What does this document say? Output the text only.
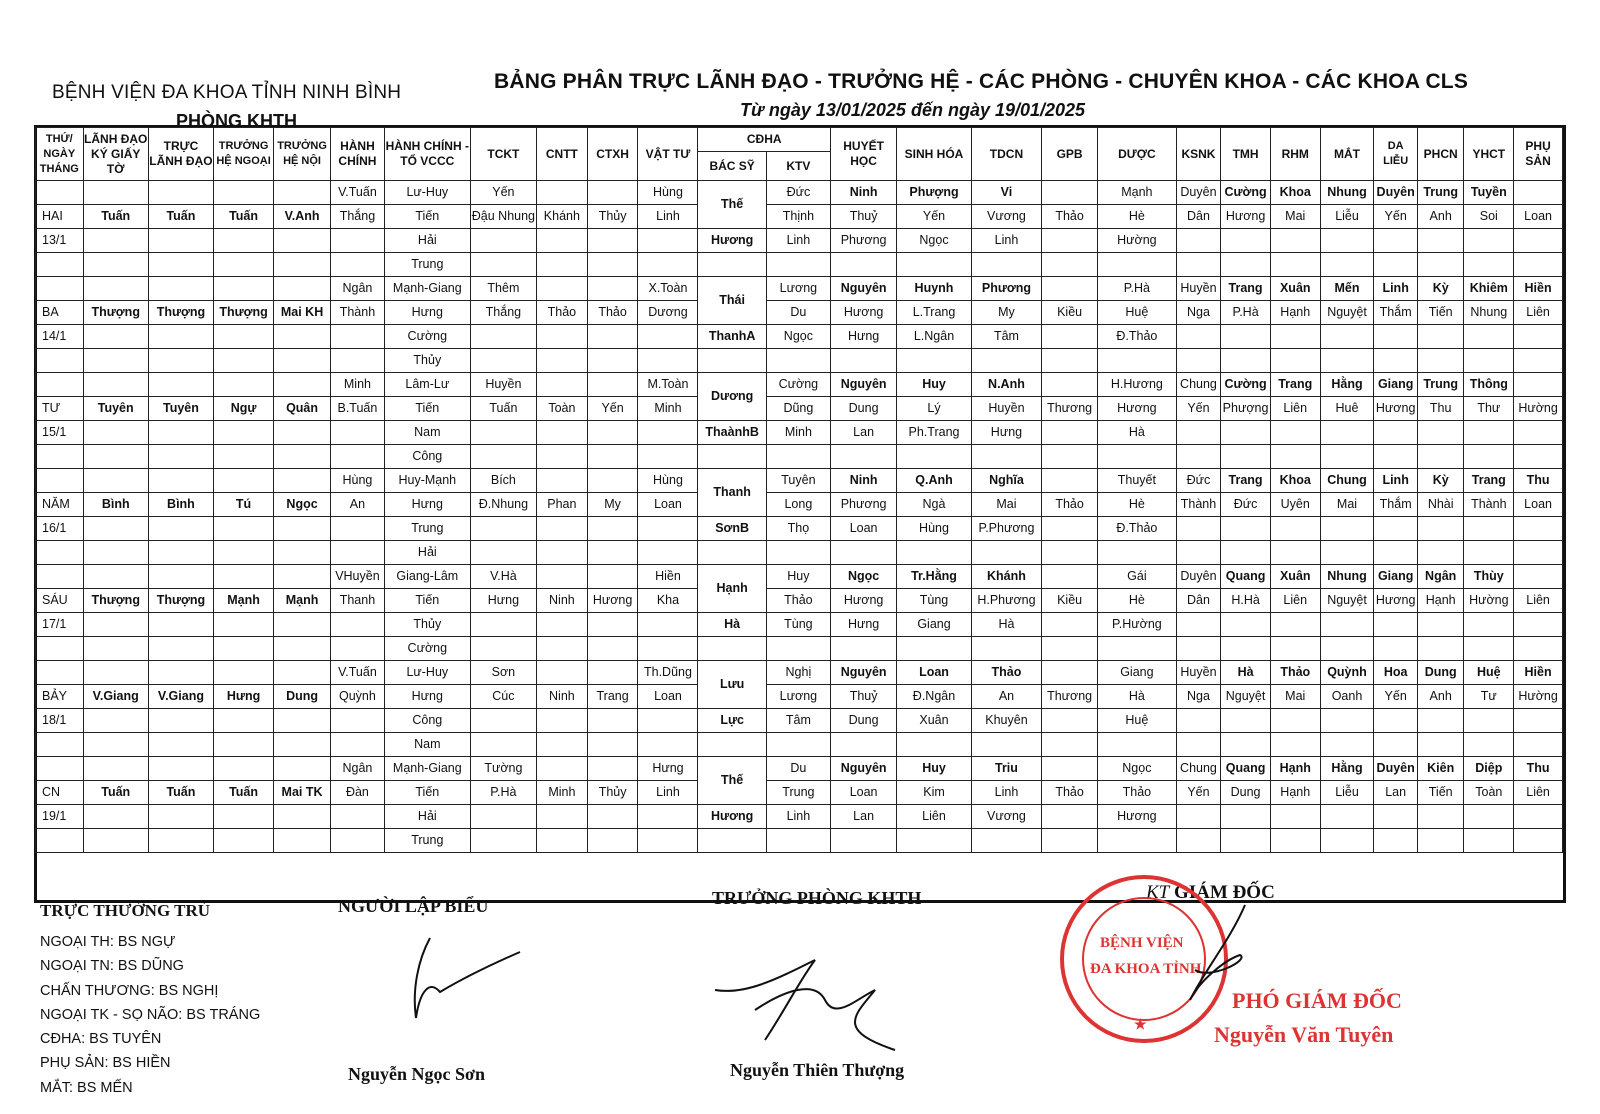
BỆNH VIỆN ĐA KHOA TỈNH NINH BÌNH
PHÒNG KHTH
BẢNG PHÂN TRỰC LÃNH ĐẠO - TRƯỞNG HỆ - CÁC PHÒNG - CHUYÊN KHOA - CÁC KHOA CLS
Từ ngày 13/01/2025 đến ngày 19/01/2025
THỨ/ NGÀY THÁNG	LÃNH ĐẠO KÝ GIẤY TỜ	TRỰC LÃNH ĐẠO	TRƯỞNG HỆ NGOẠI	TRƯỞNG HỆ NỘI	HÀNH CHÍNH	HÀNH CHÍNH - TỔ VCCC	TCKT	CNTT	CTXH	VẬT TƯ	CĐHA		HUYẾT HỌC	SINH HÓA	TDCN	GPB	DƯỢC	KSNK	TMH	RHM	MẮT	DA LIỄU	PHCN	YHCT	PHỤ SẢN
											BÁC SỸ	KTV													
					V.Tuấn	Lư-Huy	Yến			Hùng	Thế	Đức	Ninh	Phượng	Vi		Mạnh	Duyên	Cường	Khoa	Nhung	Duyên	Trung	Tuyền	
HAI	Tuấn	Tuấn	Tuấn	V.Anh	Thắng	Tiến	Đậu Nhung	Khánh	Thủy	Linh		Thịnh	Thuỷ	Yến	Vương	Thảo	Hè	Dân	Hương	Mai	Liễu	Yến	Anh	Soi	Loan
13/1						Hải					Hương	Linh	Phương	Ngọc	Linh		Hường								
						Trung																			
					Ngân	Mạnh-Giang	Thêm			X.Toàn	Thái	Lương	Nguyên	Huynh	Phương		P.Hà	Huyền	Trang	Xuân	Mến	Linh	Kỳ	Khiêm	Hiền
BA	Thượng	Thượng	Thượng	Mai KH	Thành	Hưng	Thắng	Thảo	Thảo	Dương		Du	Hương	L.Trang	My	Kiều	Huệ	Nga	P.Hà	Hạnh	Nguyệt	Thắm	Tiến	Nhung	Liên
14/1						Cường					ThanhA	Ngọc	Hưng	L.Ngân	Tâm		Đ.Thảo								
						Thủy																			
					Minh	Lâm-Lư	Huyền			M.Toàn	Dương	Cường	Nguyên	Huy	N.Anh		H.Hương	Chung	Cường	Trang	Hằng	Giang	Trung	Thông	
TƯ	Tuyên	Tuyên	Ngự	Quân	B.Tuấn	Tiến	Tuấn	Toàn	Yến	Minh		Dũng	Dung	Lý	Huyền	Thương	Hương	Yến	Phượng	Liên	Huê	Hương	Thu	Thư	Hường
15/1						Nam					ThaànhB	Minh	Lan	Ph.Trang	Hưng		Hà								
						Công																			
					Hùng	Huy-Mạnh	Bích			Hùng	Thanh	Tuyên	Ninh	Q.Anh	Nghĩa		Thuyết	Đức	Trang	Khoa	Chung	Linh	Kỳ	Trang	Thu
NĂM	Bình	Bình	Tú	Ngọc	An	Hưng	Đ.Nhung	Phan	My	Loan		Long	Phương	Ngà	Mai	Thảo	Hè	Thành	Đức	Uyên	Mai	Thắm	Nhài	Thành	Loan
16/1						Trung					SơnB	Thọ	Loan	Hùng	P.Phương		Đ.Thảo								
						Hải																			
					VHuyền	Giang-Lâm	V.Hà			Hiền	Hạnh	Huy	Ngọc	Tr.Hằng	Khánh		Gái	Duyên	Quang	Xuân	Nhung	Giang	Ngân	Thùy	
SÁU	Thượng	Thượng	Mạnh	Mạnh	Thanh	Tiến	Hưng	Ninh	Hương	Kha		Thảo	Hương	Tùng	H.Phương	Kiều	Hè	Dân	H.Hà	Liên	Nguyệt	Hương	Hạnh	Hường	Liên
17/1						Thủy					Hà	Tùng	Hưng	Giang	Hà		P.Hường								
						Cường																			
					V.Tuấn	Lư-Huy	Sơn			Th.Dũng	Lưu	Nghị	Nguyên	Loan	Thảo		Giang	Huyền	Hà	Thảo	Quỳnh	Hoa	Dung	Huệ	Hiền
BẢY	V.Giang	V.Giang	Hưng	Dung	Quỳnh	Hưng	Cúc	Ninh	Trang	Loan		Lương	Thuỷ	Đ.Ngân	An	Thương	Hà	Nga	Nguyệt	Mai	Oanh	Yến	Anh	Tư	Hường
18/1						Công					Lực	Tâm	Dung	Xuân	Khuyên		Huệ								
						Nam																			
					Ngân	Mạnh-Giang	Tường			Hưng	Thế	Du	Nguyên	Huy	Triu		Ngọc	Chung	Quang	Hạnh	Hằng	Duyên	Kiên	Diệp	Thu
CN	Tuấn	Tuấn	Tuấn	Mai TK	Đàn	Tiến	P.Hà	Minh	Thủy	Linh		Trung	Loan	Kim	Linh	Thảo	Thảo	Yến	Dung	Hạnh	Liễu	Lan	Tiến	Toàn	Liên
19/1						Hải					Hương	Linh	Lan	Liên	Vương		Hương								
						Trung																			
TRỰC THƯỜNG TRÚ
NGOẠI TH: BS NGỰ
NGOẠI TN: BS DŨNG
CHẤN THƯƠNG: BS NGHỊ
NGOẠI TK - SỌ NÃO: BS TRÁNG
CĐHA: BS TUYÊN
PHỤ SẢN: BS HIỀN
MẮT: BS MẾN
NGƯỜI LẬP BIỂU
Nguyễn Ngọc Sơn
TRƯỞNG PHÒNG KHTH
Nguyễn Thiên Thượng
KT GIÁM ĐỐC
BỆNH VIỆN
ĐA KHOA TỈNH
★
PHÓ GIÁM ĐỐC
Nguyễn Văn Tuyên
